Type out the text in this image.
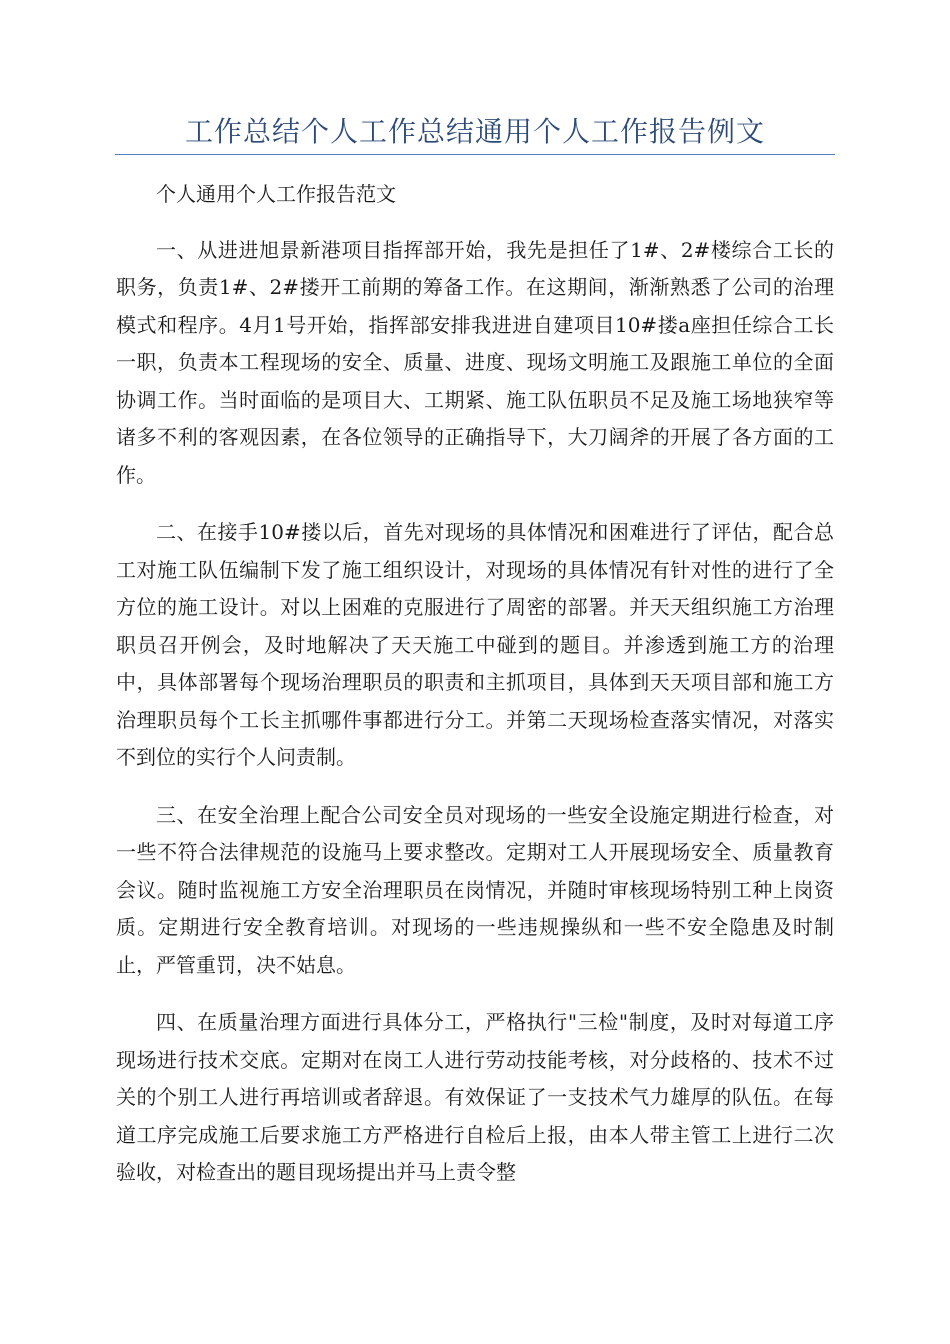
工作总结个人工作总结通用个人工作报告例文

个人通用个人工作报告范文

一、从进进旭景新港项目指挥部开始，我先是担任了1#、2#楼综合工长的职务，负责1#、2#搂开工前期的筹备工作。在这期间，渐渐熟悉了公司的治理模式和程序。4月1号开始，指挥部安排我进进自建项目10#搂a座担任综合工长一职，负责本工程现场的安全、质量、进度、现场文明施工及跟施工单位的全面协调工作。当时面临的是项目大、工期紧、施工队伍职员不足及施工场地狭窄等诸多不利的客观因素，在各位领导的正确指导下，大刀阔斧的开展了各方面的工作。

二、在接手10#搂以后，首先对现场的具体情况和困难进行了评估，配合总工对施工队伍编制下发了施工组织设计，对现场的具体情况有针对性的进行了全方位的施工设计。对以上困难的克服进行了周密的部署。并天天组织施工方治理职员召开例会，及时地解决了天天施工中碰到的题目。并渗透到施工方的治理中，具体部署每个现场治理职员的职责和主抓项目，具体到天天项目部和施工方治理职员每个工长主抓哪件事都进行分工。并第二天现场检查落实情况，对落实不到位的实行个人问责制。

三、在安全治理上配合公司安全员对现场的一些安全设施定期进行检查，对一些不符合法律规范的设施马上要求整改。定期对工人开展现场安全、质量教育会议。随时监视施工方安全治理职员在岗情况，并随时审核现场特别工种上岗资质。定期进行安全教育培训。对现场的一些违规操纵和一些不安全隐患及时制止，严管重罚，决不姑息。

四、在质量治理方面进行具体分工，严格执行"三检"制度，及时对每道工序现场进行技术交底。定期对在岗工人进行劳动技能考核，对分歧格的、技术不过关的个别工人进行再培训或者辞退。有效保证了一支技术气力雄厚的队伍。在每道工序完成施工后要求施工方严格进行自检后上报，由本人带主管工上进行二次验收，对检查出的题目现场提出并马上责令整
